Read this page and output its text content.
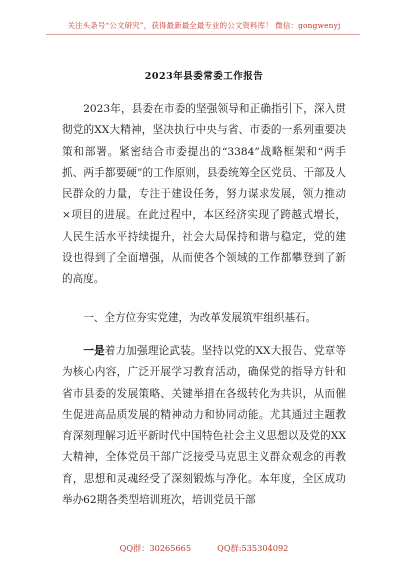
关注头条号“公文研究”，获得最新最全最专业的公文资料库！ 微信：gongwenyj
2023年县委常委工作报告

2023年，县委在市委的坚强领导和正确指引下，深入贯彻党的XX大精神，坚决执行中央与省、市委的一系列重要决策和部署。紧密结合市委提出的“3384”战略框架和“两手抓、两手都要硬”的工作原则，县委统筹全区党员、干部及人民群众的力量，专注于建设任务，努力谋求发展，领力推动×项目的进展。在此过程中，本区经济实现了跨越式增长，人民生活水平持续提升，社会大局保持和谐与稳定，党的建设也得到了全面增强，从而使各个领域的工作都攀登到了新的高度。

一、全方位夯实党建，为改革发展筑牢组织基石。

一是着力加强理论武装。坚持以党的XX大报告、党章等为核心内容，广泛开展学习教育活动，确保党的指导方针和省市县委的发展策略、关键举措在各级转化为共识，从而催生促进高品质发展的精神动力和协同动能。尤其通过主题教育深刻理解习近平新时代中国特色社会主义思想以及党的XX大精神，全体党员干部广泛接受马克思主义群众观念的再教育，思想和灵魂经受了深刻锻炼与净化。本年度，全区成功举办62期各类型培训班次，培训党员干部

QQ群：30265665	QQ群:535304092
